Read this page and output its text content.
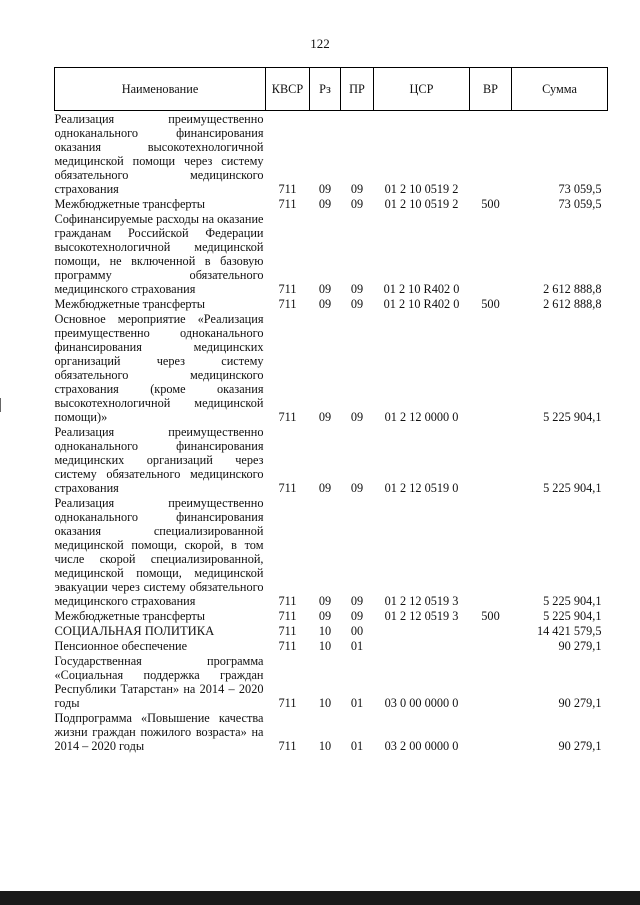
122
Наименование	КВСР	Рз	ПР	ЦСР	ВР	Сумма
Реализация преимущественно одноканального финансирования оказания высокотехнологичной медицинской помощи через систему обязательного медицинского страхования	711	09	09	01 2 10 0519 2		73 059,5
Межбюджетные трансферты	711	09	09	01 2 10 0519 2	500	73 059,5
Софинансируемые расходы на оказание гражданам Российской Федерации высокотехнологичной медицинской помощи, не включенной в базовую программу обязательного медицинского страхования	711	09	09	01 2 10 R402 0		2 612 888,8
Межбюджетные трансферты	711	09	09	01 2 10 R402 0	500	2 612 888,8
Основное мероприятие «Реализация преимущественно одноканального финансирования медицинских организаций через систему обязательного медицинского страхования (кроме оказания высокотехнологичной медицинской помощи)»	711	09	09	01 2 12 0000 0		5 225 904,1
Реализация преимущественно одноканального финансирования медицинских организаций через систему обязательного медицинского страхования	711	09	09	01 2 12 0519 0		5 225 904,1
Реализация преимущественно одноканального финансирования оказания специализированной медицинской помощи, скорой, в том числе скорой специализированной, медицинской помощи, медицинской эвакуации через систему обязательного медицинского страхования	711	09	09	01 2 12 0519 3		5 225 904,1
Межбюджетные трансферты	711	09	09	01 2 12 0519 3	500	5 225 904,1
СОЦИАЛЬНАЯ ПОЛИТИКА	711	10	00			14 421 579,5
Пенсионное обеспечение	711	10	01			90 279,1
Государственная программа «Социальная поддержка граждан Республики Татарстан» на 2014 – 2020 годы	711	10	01	03 0 00 0000 0		90 279,1
Подпрограмма «Повышение качества жизни граждан пожилого возраста» на 2014 – 2020 годы	711	10	01	03 2 00 0000 0		90 279,1
